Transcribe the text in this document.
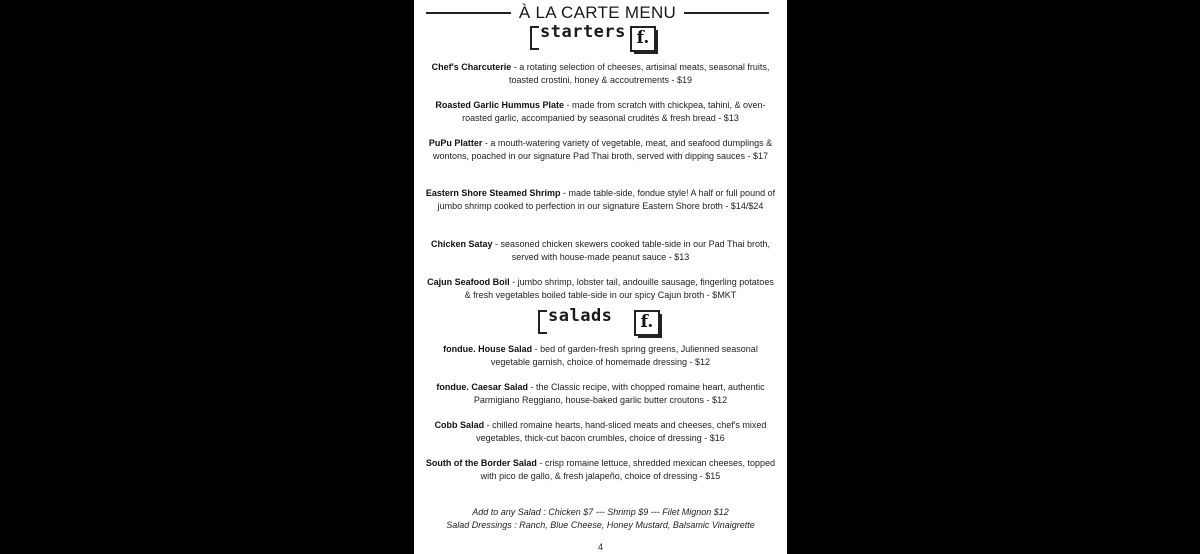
À LA CARTE MENU
starters f.
Chef's Charcuterie - a rotating selection of cheeses, artisinal meats, seasonal fruits, toasted crostini, honey & accoutrements - $19
Roasted Garlic Hummus Plate - made from scratch with chickpea, tahini, & oven-roasted garlic, accompanied by seasonal crudités & fresh bread - $13
PuPu Platter - a mouth-watering variety of vegetable, meat, and seafood dumplings & wontons, poached in our signature Pad Thai broth, served with dipping sauces - $17
Eastern Shore Steamed Shrimp - made table-side, fondue style! A half or full pound of jumbo shrimp cooked to perfection in our signature Eastern Shore broth - $14/$24
Chicken Satay - seasoned chicken skewers cooked table-side in our Pad Thai broth, served with house-made peanut sauce - $13
Cajun Seafood Boil - jumbo shrimp, lobster tail, andouille sausage, fingerling potatoes & fresh vegetables boiled table-side in our spicy Cajun broth - $MKT
salads	f.
fondue. House Salad - bed of garden-fresh spring greens, Julienned seasonal vegetable garnish, choice of homemade dressing - $12
fondue. Caesar Salad - the Classic recipe, with chopped romaine heart, authentic Parmigiano Reggiano, house-baked garlic butter croutons - $12
Cobb Salad - chilled romaine hearts, hand-sliced meats and cheeses, chef's mixed vegetables, thick-cut bacon crumbles, choice of dressing - $16
South of the Border Salad - crisp romaine lettuce, shredded mexican cheeses, topped with pico de gallo, & fresh jalapeño, choice of dressing - $15
Add to any Salad : Chicken $7 --- Shrimp $9 --- Filet Mignon $12
Salad Dressings : Ranch, Blue Cheese, Honey Mustard, Balsamic Vinaigrette
4
